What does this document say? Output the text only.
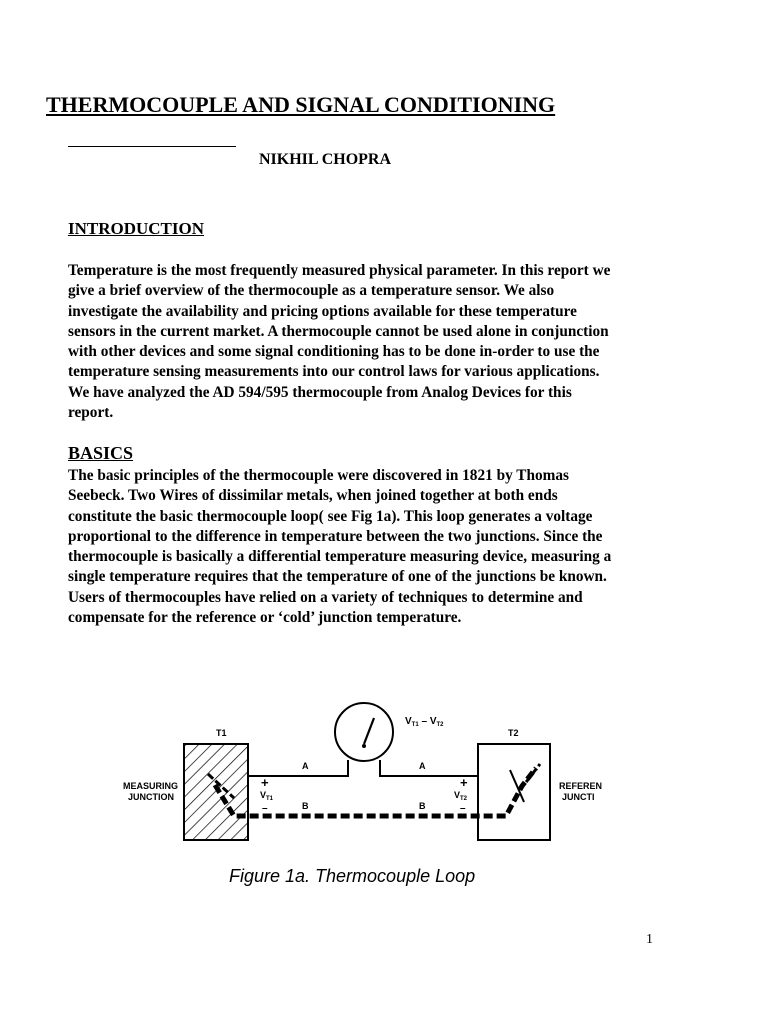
THERMOCOUPLE AND SIGNAL CONDITIONING

NIKHIL CHOPRA

INTRODUCTION

Temperature is the most frequently measured physical parameter. In this report we
give a brief overview of the thermocouple as a temperature sensor. We also
investigate the availability and pricing options available for these temperature
sensors in the current market. A thermocouple cannot be used alone in conjunction
with other devices and some signal conditioning has to be done in-order to use the
temperature sensing measurements into our control laws for various applications.
We have analyzed the AD 594/595 thermocouple from Analog Devices for this
report.

BASICS

The basic principles of the thermocouple were discovered in 1821 by Thomas
Seebeck. Two Wires of dissimilar metals, when joined together at both ends
constitute the basic thermocouple loop( see Fig 1a). This loop generates a voltage
proportional to the difference in temperature between the two junctions. Since the
thermocouple is basically a differential temperature measuring device, measuring a
single temperature requires that the temperature of one of the junctions be known.
Users of thermocouples have relied on a variety of techniques to determine and
compensate for the reference or ‘cold’ junction temperature.

T1	T2
$V_{T1} - V_{T2}$
A	A
B	B
+	+
–	–
$V_{T1}$	$V_{T2}$
MEASURING
JUNCTION
REFEREN
JUNCTI

Figure 1a. Thermocouple Loop

1
